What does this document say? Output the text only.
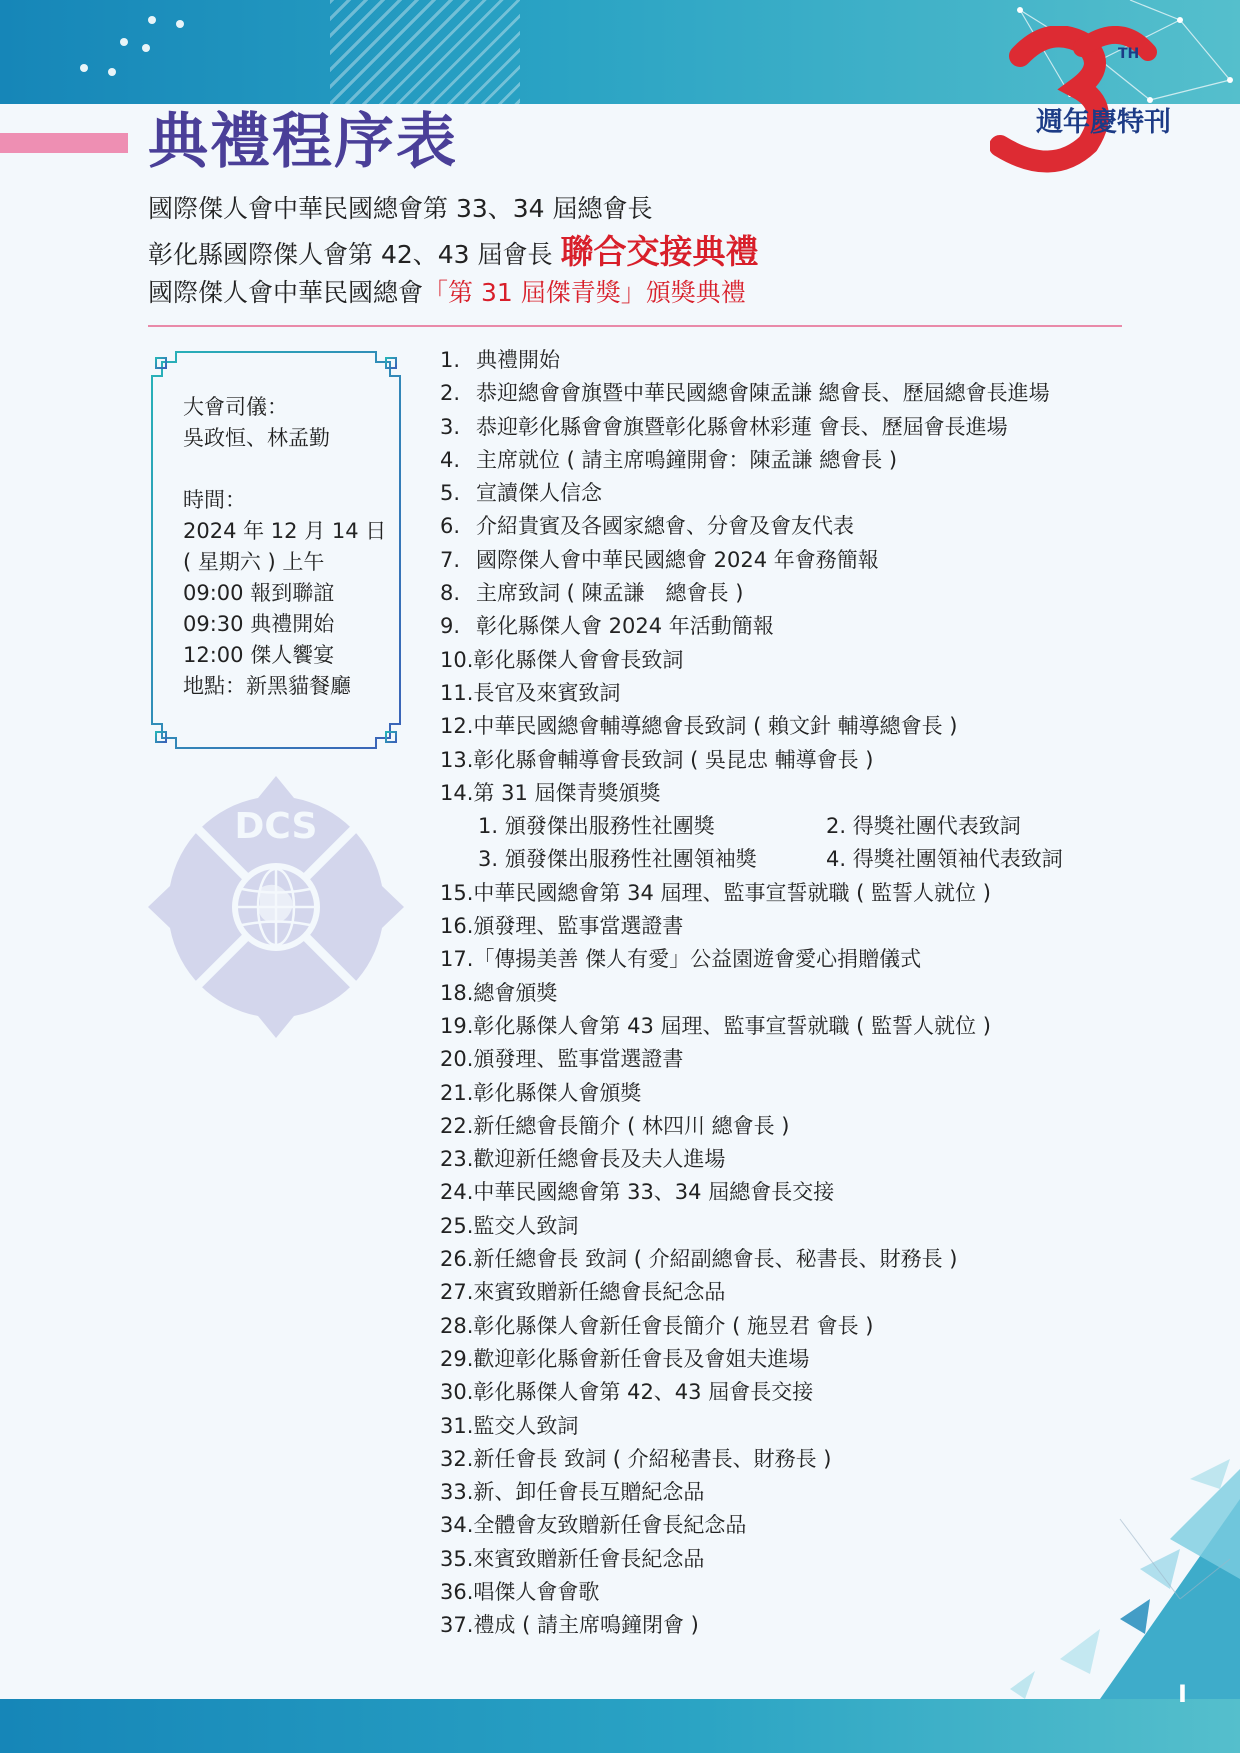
TH
週年慶特刊
典禮程序表
國際傑人會中華民國總會第 33、34 屆總會長
彰化縣國際傑人會第 42、43 屆會長 聯合交接典禮
國際傑人會中華民國總會「第 31 屆傑青獎」頒獎典禮
大會司儀：
吳政恒、林孟勤
時間：
2024 年 12 月 14 日
( 星期六 ) 上午
09:00 報到聯誼
09:30 典禮開始
12:00 傑人饗宴
地點：新黑貓餐廳
DCS
1. 典禮開始
2. 恭迎總會會旗暨中華民國總會陳孟謙 總會長、歷屆總會長進場
3. 恭迎彰化縣會會旗暨彰化縣會林彩蓮 會長、歷屆會長進場
4. 主席就位 ( 請主席鳴鐘開會：陳孟謙 總會長 )
5. 宣讀傑人信念
6. 介紹貴賓及各國家總會、分會及會友代表
7. 國際傑人會中華民國總會 2024 年會務簡報
8. 主席致詞 ( 陳孟謙　總會長 )
9. 彰化縣傑人會 2024 年活動簡報
10. 彰化縣傑人會會長致詞
11. 長官及來賓致詞
12. 中華民國總會輔導總會長致詞 ( 賴文針 輔導總會長 )
13. 彰化縣會輔導會長致詞 ( 吳昆忠 輔導會長 )
14. 第 31 屆傑青獎頒獎
1. 頒發傑出服務性社團獎	2. 得獎社團代表致詞
3. 頒發傑出服務性社團領袖獎	4. 得獎社團領袖代表致詞
15. 中華民國總會第 34 屆理、監事宣誓就職 ( 監誓人就位 )
16. 頒發理、監事當選證書
17. 「傳揚美善 傑人有愛」公益園遊會愛心捐贈儀式
18. 總會頒獎
19. 彰化縣傑人會第 43 屆理、監事宣誓就職 ( 監誓人就位 )
20. 頒發理、監事當選證書
21. 彰化縣傑人會頒獎
22. 新任總會長簡介 ( 林四川 總會長 )
23. 歡迎新任總會長及夫人進場
24. 中華民國總會第 33、34 屆總會長交接
25. 監交人致詞
26. 新任總會長 致詞 ( 介紹副總會長、秘書長、財務長 )
27. 來賓致贈新任總會長紀念品
28. 彰化縣傑人會新任會長簡介 ( 施昱君 會長 )
29. 歡迎彰化縣會新任會長及會姐夫進場
30. 彰化縣傑人會第 42、43 屆會長交接
31. 監交人致詞
32. 新任會長 致詞 ( 介紹秘書長、財務長 )
33. 新、卸任會長互贈紀念品
34. 全體會友致贈新任會長紀念品
35. 來賓致贈新任會長紀念品
36. 唱傑人會會歌
37. 禮成 ( 請主席鳴鐘閉會 )
I
